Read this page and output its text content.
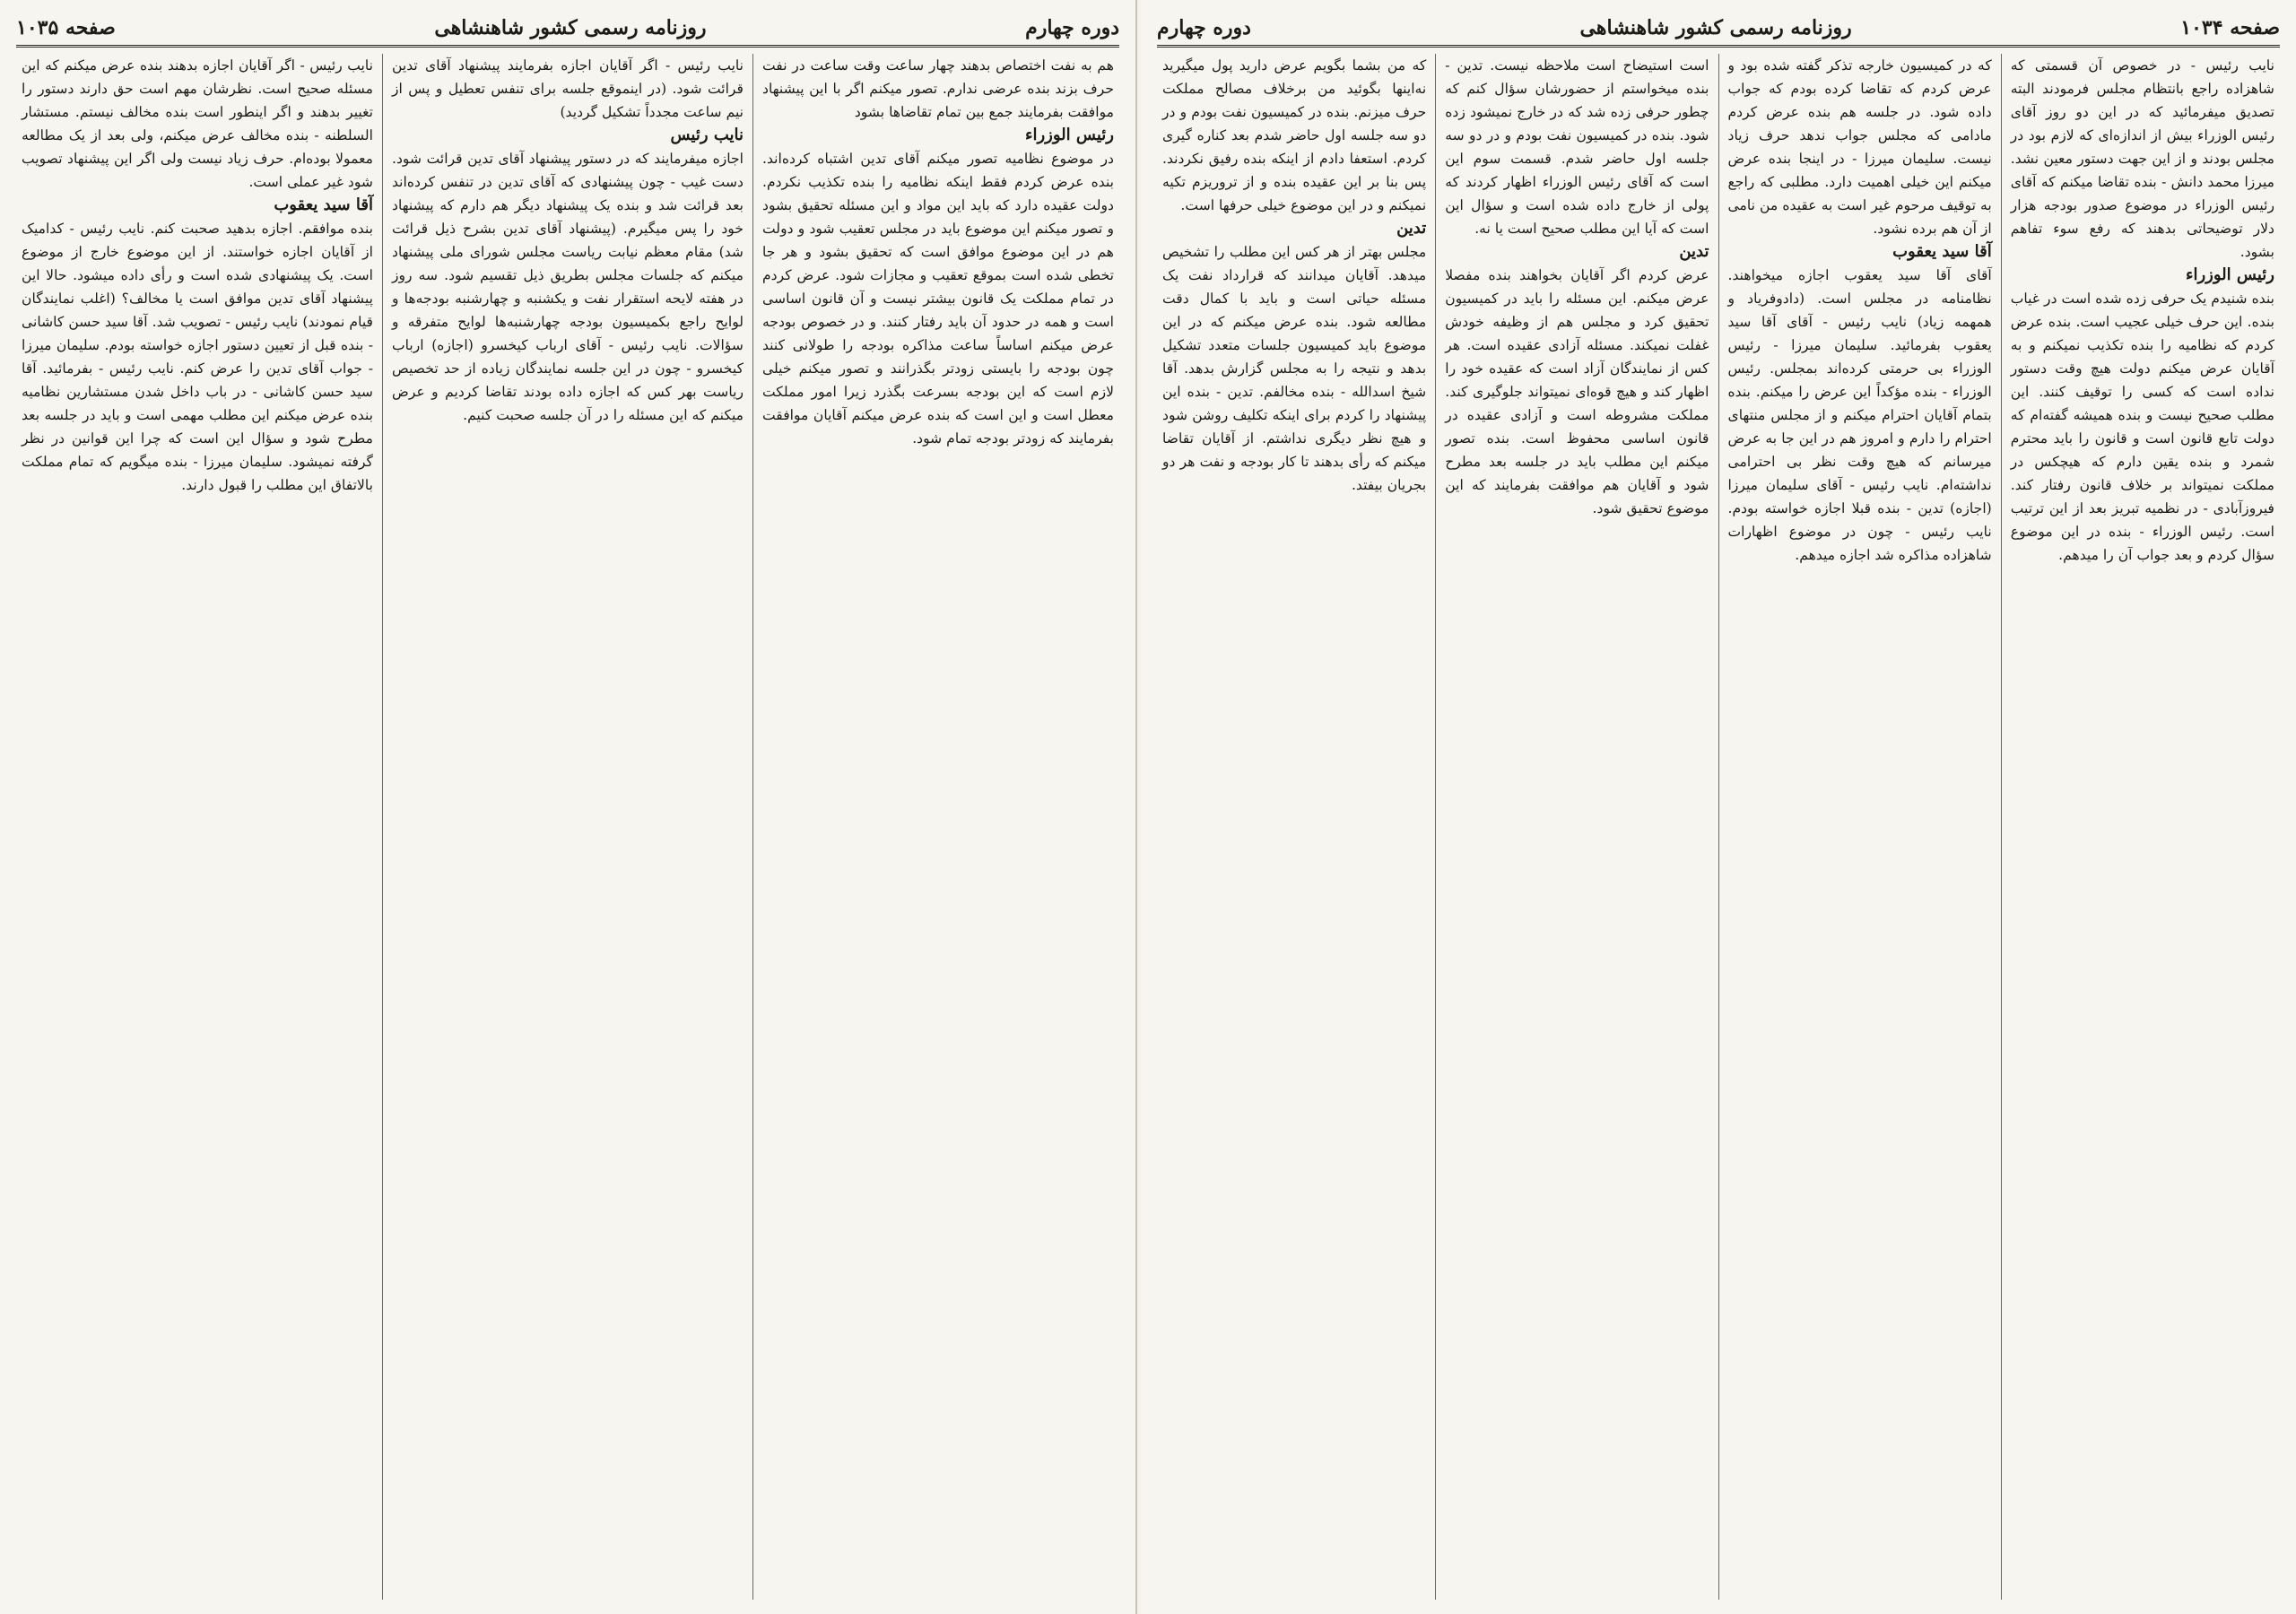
دوره چهارم
روزنامه رسمی کشور شاهنشاهی
صفحه ۱۰۳۵

هم به نفت اختصاص بدهند چهار ساعت وقت ساعت در نفت حرف بزند بنده عرضی ندارم. تصور میکنم اگر با این پیشنهاد موافقت بفرمایند جمع بین تمام تقاضاها بشود

رئیس الوزراء

در موضوع نظامیه تصور میکنم آقای تدین اشتباه کرده‌اند. بنده عرض کردم فقط اینکه نظامیه را بنده تکذیب نکردم. دولت عقیده دارد که باید این مواد و این مسئله تحقیق بشود و تصور میکنم این موضوع باید در مجلس تعقیب شود و دولت هم در این موضوع موافق است که تحقیق بشود و هر جا تخطی شده است بموقع تعقیب و مجازات شود. عرض کردم در تمام مملکت یک قانون بیشتر نیست و آن قانون اساسی است و همه در حدود آن باید رفتار کنند. و در خصوص بودجه عرض میکنم اساساً ساعت مذاکره بودجه را طولانی کنند چون بودجه را بایستی زودتر بگذرانند و تصور میکنم خیلی لازم است که این بودجه بسرعت بگذرد زیرا امور مملکت معطل است و این است که بنده عرض میکنم آقایان موافقت بفرمایند که زودتر بودجه تمام شود.

نایب رئیس - اگر آقایان اجازه بفرمایند پیشنهاد آقای تدین قرائت شود. (در اینموقع جلسه برای تنفس تعطیل و پس از نیم ساعت مجدداً تشکیل گردید)

نایب رئیس

اجازه میفرمایند که در دستور پیشنهاد آقای تدین قرائت شود. دست غیب - چون پیشنهادی که آقای تدین در تنفس کرده‌اند بعد قرائت شد و بنده یک پیشنهاد دیگر هم دارم که پیشنهاد خود را پس میگیرم. (پیشنهاد آقای تدین بشرح ذیل قرائت شد) مقام معظم نیابت ریاست مجلس شورای ملی پیشنهاد میکنم که جلسات مجلس بطریق ذیل تقسیم شود. سه روز در هفته لایحه استقرار نفت و یکشنبه و چهارشنبه بودجه‌ها و لوایح راجع بکمیسیون بودجه چهارشنبه‌ها لوایح متفرقه و سؤالات. نایب رئیس - آقای ارباب کیخسرو (اجازه) ارباب کیخسرو - چون در این جلسه نمایندگان زیاده از حد تخصیص ریاست بهر کس که اجازه داده بودند تقاضا کردیم و عرض میکنم که این مسئله را در آن جلسه صحبت کنیم.

نایب رئیس - اگر آقایان اجازه بدهند بنده عرض میکنم که این مسئله صحیح است. نظرشان مهم است حق دارند دستور را تغییر بدهند و اگر اینطور است بنده مخالف نیستم. مستشار السلطنه - بنده مخالف عرض میکنم، ولی بعد از یک مطالعه معمولا بوده‌ام. حرف زیاد نیست ولی اگر این پیشنهاد تصویب شود غیر عملی است.

آقا سید یعقوب

بنده موافقم. اجازه بدهید صحبت کنم. نایب رئیس - کدامیک از آقایان اجازه خواستند. از این موضوع خارج از موضوع است. یک پیشنهادی شده است و رأی داده میشود. حالا این پیشنهاد آقای تدین موافق است یا مخالف؟ (اغلب نمایندگان قیام نمودند) نایب رئیس - تصویب شد. آقا سید حسن کاشانی - بنده قبل از تعیین دستور اجازه خواسته بودم. سلیمان میرزا - جواب آقای تدین را عرض کنم. نایب رئیس - بفرمائید. آقا سید حسن کاشانی - در باب داخل شدن مستشارین نظامیه بنده عرض میکنم این مطلب مهمی است و باید در جلسه بعد مطرح شود و سؤال این است که چرا این قوانین در نظر گرفته نمیشود. سلیمان میرزا - بنده میگویم که تمام مملکت بالاتفاق این مطلب را قبول دارند.

صفحه ۱۰۳۴
روزنامه رسمی کشور شاهنشاهی
دوره چهارم

نایب رئیس - در خصوص آن قسمتی که شاهزاده راجع بانتظام مجلس فرمودند البته تصدیق میفرمائید که در این دو روز آقای رئیس الوزراء بیش از اندازه‌ای که لازم بود در مجلس بودند و از این جهت دستور معین نشد. میرزا محمد دانش - بنده تقاضا میکنم که آقای رئیس الوزراء در موضوع صدور بودجه هزار دلار توضیحاتی بدهند که رفع سوء تفاهم بشود.

رئیس الوزراء

بنده شنیدم یک حرفی زده شده است در غیاب بنده. این حرف خیلی عجیب است. بنده عرض کردم که نظامیه را بنده تکذیب نمیکنم و به آقایان عرض میکنم دولت هیچ وقت دستور نداده است که کسی را توقیف کنند. این مطلب صحیح نیست و بنده همیشه گفته‌ام که دولت تابع قانون است و قانون را باید محترم شمرد و بنده یقین دارم که هیچکس در مملکت نمیتواند بر خلاف قانون رفتار کند. فیروزآبادی - در نظمیه تبریز بعد از این ترتیب است. رئیس الوزراء - بنده در این موضوع سؤال کردم و بعد جواب آن را میدهم.

که در کمیسیون خارجه تذکر گفته شده بود و عرض کردم که تقاضا کرده بودم که جواب داده شود. در جلسه هم بنده عرض کردم مادامی که مجلس جواب ندهد حرف زیاد نیست. سلیمان میرزا - در اینجا بنده عرض میکنم این خیلی اهمیت دارد. مطلبی که راجع به توقیف مرحوم غیر است به عقیده من نامی از آن هم برده نشود.

آقا سید یعقوب

آقای آقا سید یعقوب اجازه میخواهند. نظامنامه در مجلس است. (دادوفریاد و همهمه زیاد) نایب رئیس - آقای آقا سید یعقوب بفرمائید. سلیمان میرزا - رئیس الوزراء بی حرمتی کرده‌اند بمجلس. رئیس الوزراء - بنده مؤکداً این عرض را میکنم. بنده بتمام آقایان احترام میکنم و از مجلس منتهای احترام را دارم و امروز هم در این جا به عرض میرسانم که هیچ وقت نظر بی احترامی نداشته‌ام. نایب رئیس - آقای سلیمان میرزا (اجازه) تدین - بنده قبلا اجازه خواسته بودم. نایب رئیس - چون در موضوع اظهارات شاهزاده مذاکره شد اجازه میدهم.

است استیضاح است ملاحظه نیست. تدین - بنده میخواستم از حضورشان سؤال کنم که چطور حرفی زده شد که در خارج نمیشود زده شود. بنده در کمیسیون نفت بودم و در دو سه جلسه اول حاضر شدم. قسمت سوم این است که آقای رئیس الوزراء اظهار کردند که پولی از خارج داده شده است و سؤال این است که آیا این مطلب صحیح است یا نه.

تدین

عرض کردم اگر آقایان بخواهند بنده مفصلا عرض میکنم. این مسئله را باید در کمیسیون تحقیق کرد و مجلس هم از وظیفه خودش غفلت نمیکند. مسئله آزادی عقیده است. هر کس از نمایندگان آزاد است که عقیده خود را اظهار کند و هیچ قوه‌ای نمیتواند جلوگیری کند. مملکت مشروطه است و آزادی عقیده در قانون اساسی محفوظ است. بنده تصور میکنم این مطلب باید در جلسه بعد مطرح شود و آقایان هم موافقت بفرمایند که این موضوع تحقیق شود.

که من بشما بگویم عرض دارید پول میگیرید نه‌اینها بگوئید من برخلاف مصالح مملکت حرف میزنم. بنده در کمیسیون نفت بودم و در دو سه جلسه اول حاضر شدم بعد کناره گیری کردم. استعفا دادم از اینکه بنده رفیق نکردند. پس بنا بر این عقیده بنده و از تروریزم تکیه نمیکنم و در این موضوع خیلی حرفها است.

تدین

مجلس بهتر از هر کس این مطلب را تشخیص میدهد. آقایان میدانند که قرارداد نفت یک مسئله حیاتی است و باید با کمال دقت مطالعه شود. بنده عرض میکنم که در این موضوع باید کمیسیون جلسات متعدد تشکیل بدهد و نتیجه را به مجلس گزارش بدهد. آقا شیخ اسدالله - بنده مخالفم. تدین - بنده این پیشنهاد را کردم برای اینکه تکلیف روشن شود و هیچ نظر دیگری نداشتم. از آقایان تقاضا میکنم که رأی بدهند تا کار بودجه و نفت هر دو بجریان بیفتد.
